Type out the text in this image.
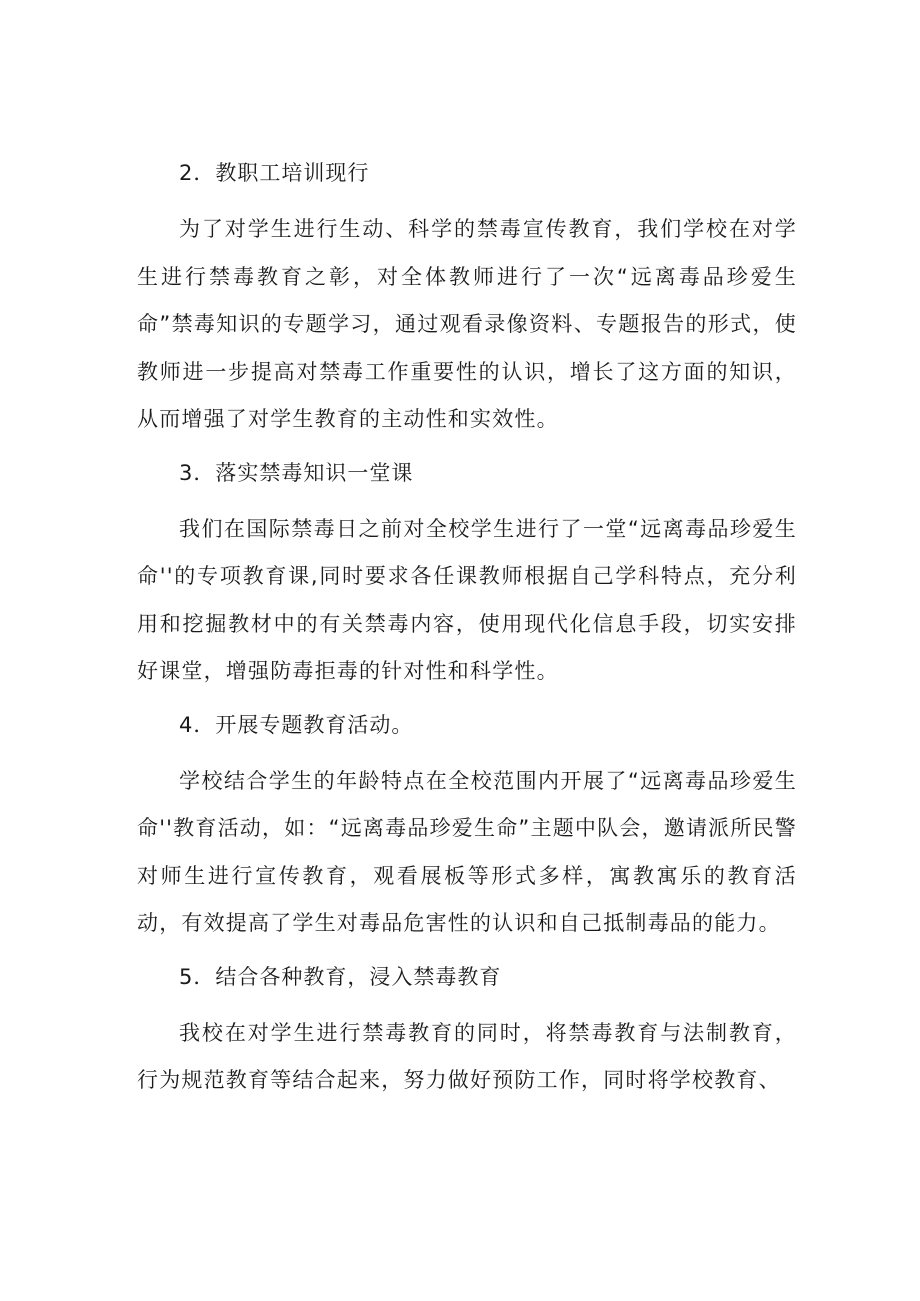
2．教职工培训现行

为了对学生进行生动、科学的禁毒宣传教育，我们学校在对学生进行禁毒教育之彰，对全体教师进行了一次“远离毒品珍爱生命”禁毒知识的专题学习，通过观看录像资料、专题报告的形式，使教师进一步提高对禁毒工作重要性的认识，增长了这方面的知识，从而增强了对学生教育的主动性和实效性。

3．落实禁毒知识一堂课

我们在国际禁毒日之前对全校学生进行了一堂“远离毒品珍爱生命''的专项教育课,同时要求各任课教师根据自己学科特点，充分利用和挖掘教材中的有关禁毒内容，使用现代化信息手段，切实安排好课堂，增强防毒拒毒的针对性和科学性。

4．开展专题教育活动。

学校结合学生的年龄特点在全校范围内开展了“远离毒品珍爱生命''教育活动，如：“远离毒品珍爱生命”主题中队会，邀请派所民警对师生进行宣传教育，观看展板等形式多样，寓教寓乐的教育活动，有效提高了学生对毒品危害性的认识和自己抵制毒品的能力。

5．结合各种教育，浸入禁毒教育

我校在对学生进行禁毒教育的同时，将禁毒教育与法制教育，行为规范教育等结合起来，努力做好预防工作，同时将学校教育、
